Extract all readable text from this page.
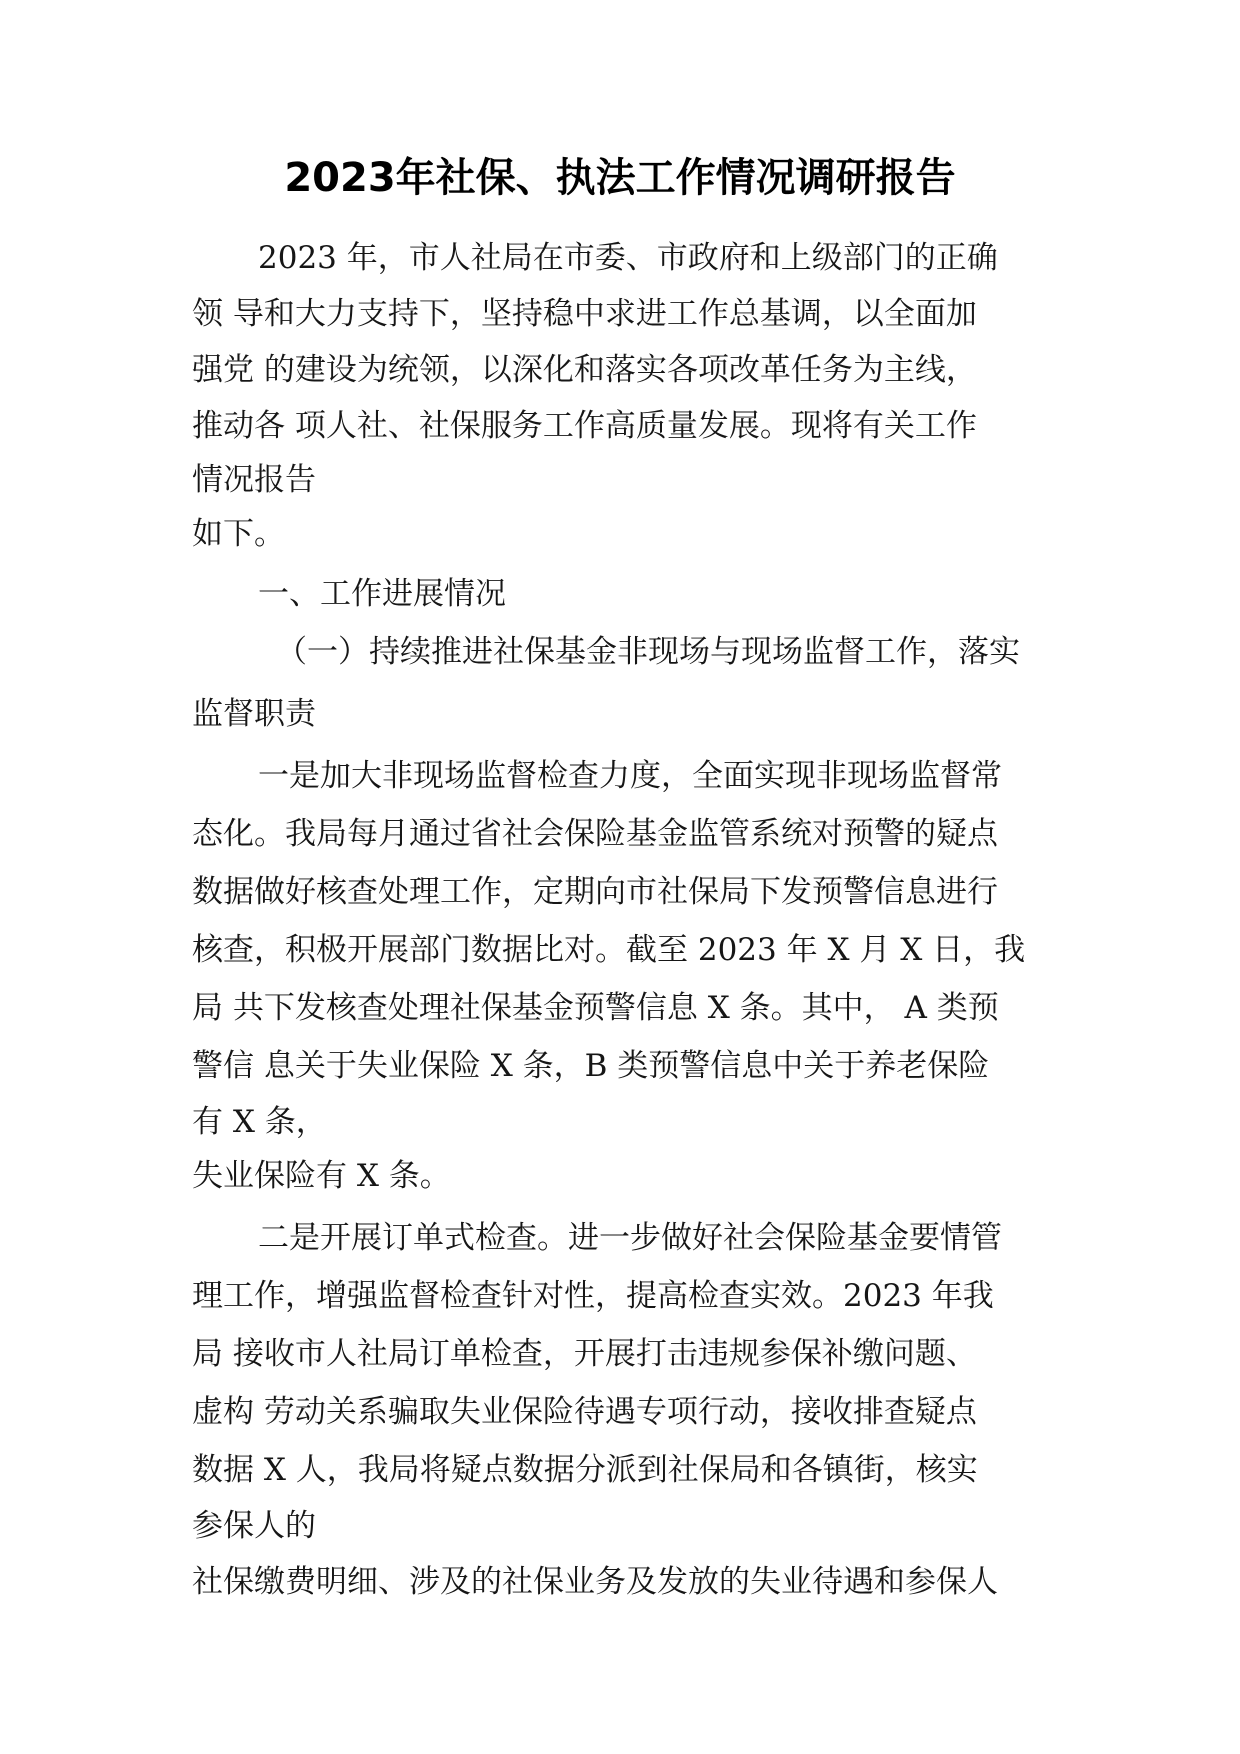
2023年社保、执法工作情况调研报告

2023 年，市人社局在市委、市政府和上级部门的正确

领 导和大力支持下，坚持稳中求进工作总基调，以全面加

强党 的建设为统领，以深化和落实各项改革任务为主线，

推动各 项人社、社保服务工作高质量发展。现将有关工作

情况报告

如下。

一、工作进展情况

（一）持续推进社保基金非现场与现场监督工作，落实

监督职责

一是加大非现场监督检查力度，全面实现非现场监督常

态化。我局每月通过省社会保险基金监管系统对预警的疑点

数据做好核查处理工作，定期向市社保局下发预警信息进行

核查，积极开展部门数据比对。截至 2023 年 X 月 X 日，我

局 共下发核查处理社保基金预警信息 X 条。其中， A 类预

警信 息关于失业保险 X 条，B 类预警信息中关于养老保险

有 X 条，

失业保险有 X 条。

二是开展订单式检查。进一步做好社会保险基金要情管

理工作，增强监督检查针对性，提高检查实效。2023 年我

局 接收市人社局订单检查，开展打击违规参保补缴问题、

虚构 劳动关系骗取失业保险待遇专项行动，接收排查疑点

数据 X 人，我局将疑点数据分派到社保局和各镇街，核实

参保人的

社保缴费明细、涉及的社保业务及发放的失业待遇和参保人
